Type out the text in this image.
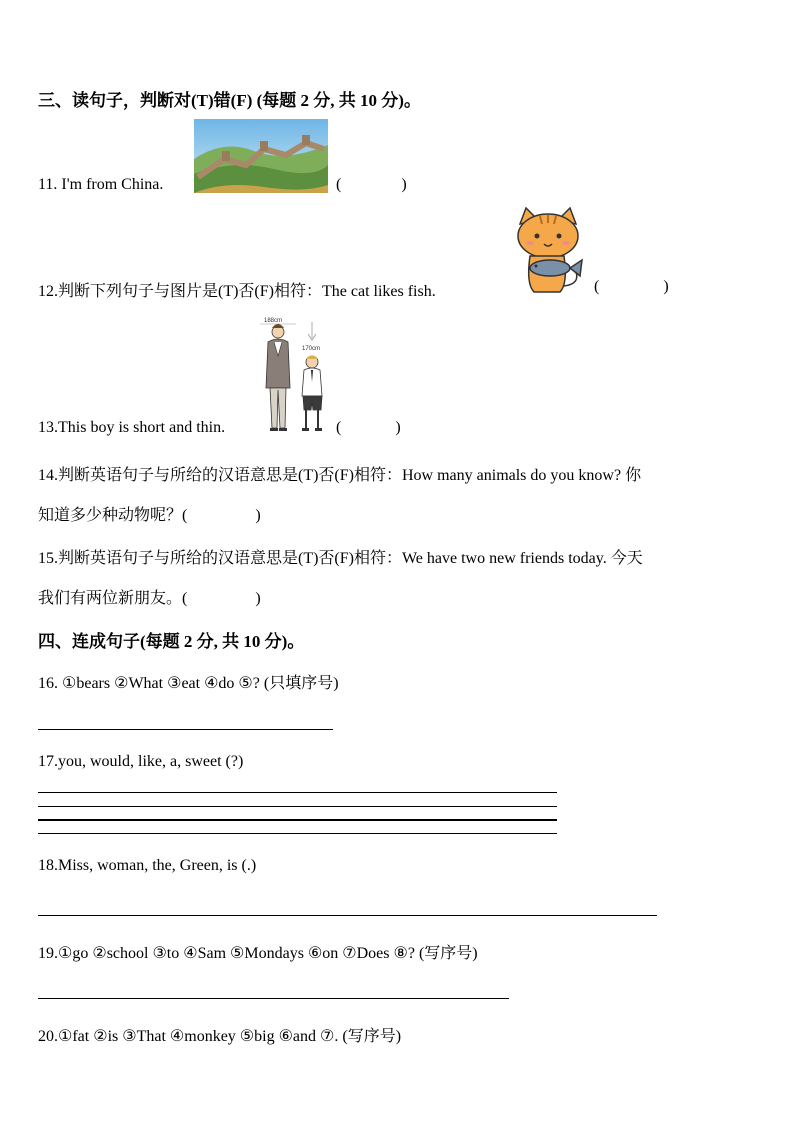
三、读句子，判断对(T)错(F) (每题 2 分, 共 10 分)。
11. I'm from China.	(	)
12.判断下列句子与图片是(T)否(F)相符：The cat likes fish.	(	)
13.This boy is short and thin.
188cm
170cm
(	)
14.判断英语句子与所给的汉语意思是(T)否(F)相符：How many animals do you know? 你
知道多少种动物呢？(	)
15.判断英语句子与所给的汉语意思是(T)否(F)相符：We have two new friends today. 今天
我们有两位新朋友。(	)
四、连成句子(每题 2 分, 共 10 分)。
16. ①bears ②What ③eat ④do ⑤? (只填序号)
17.you, would, like, a, sweet (?)
18.Miss, woman, the, Green, is (.)
19.①go ②school ③to ④Sam ⑤Mondays ⑥on ⑦Does ⑧? (写序号)
20.①fat ②is ③That ④monkey ⑤big ⑥and ⑦. (写序号)
